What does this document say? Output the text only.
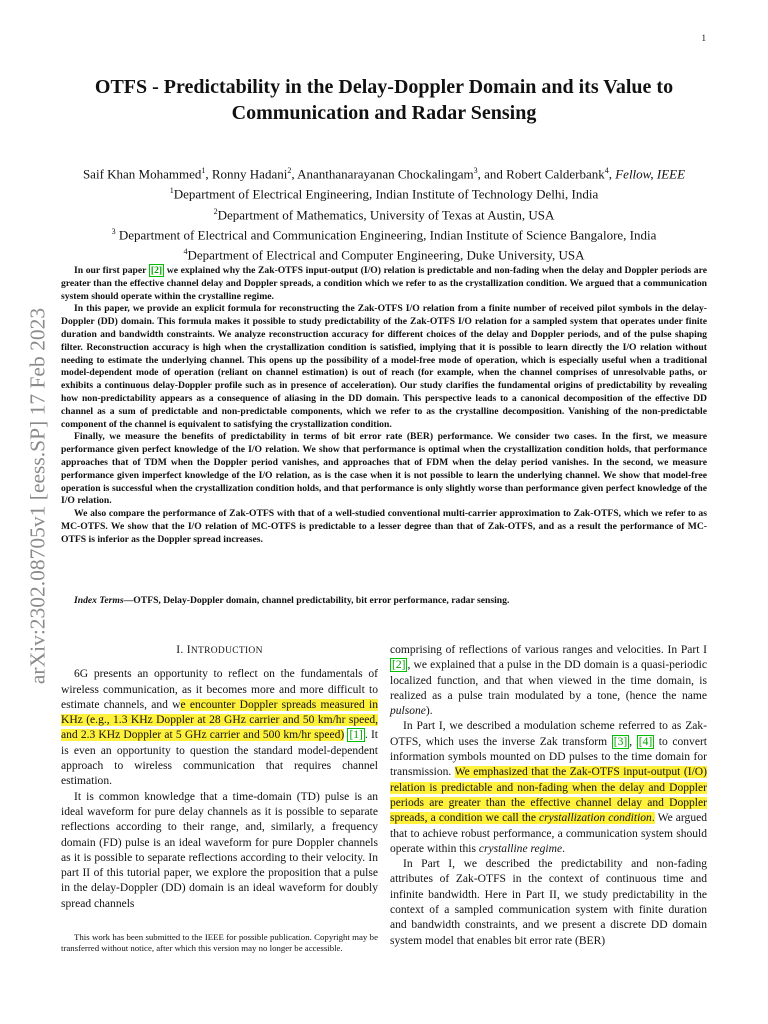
1
arXiv:2302.08705v1 [eess.SP] 17 Feb 2023
OTFS - Predictability in the Delay-Doppler Domain and its Value to
Communication and Radar Sensing
Saif Khan Mohammed$^1$, Ronny Hadani$^2$, Ananthanarayanan Chockalingam$^3$, and Robert Calderbank$^4$, Fellow, IEEE
$^1$Department of Electrical Engineering, Indian Institute of Technology Delhi, India
$^2$Department of Mathematics, University of Texas at Austin, USA
$^3$ Department of Electrical and Communication Engineering, Indian Institute of Science Bangalore, India
$^4$Department of Electrical and Computer Engineering, Duke University, USA

In our first paper [2] we explained why the Zak-OTFS input-output (I/O) relation is predictable and non-fading when the delay and Doppler periods are greater than the effective channel delay and Doppler spreads, a condition which we refer to as the crystallization condition. We argued that a communication system should operate within the crystalline regime.

In this paper, we provide an explicit formula for reconstructing the Zak-OTFS I/O relation from a finite number of received pilot symbols in the delay-Doppler (DD) domain. This formula makes it possible to study predictability of the Zak-OTFS I/O relation for a sampled system that operates under finite duration and bandwidth constraints. We analyze reconstruction accuracy for different choices of the delay and Doppler periods, and of the pulse shaping filter. Reconstruction accuracy is high when the crystallization condition is satisfied, implying that it is possible to learn directly the I/O relation without needing to estimate the underlying channel. This opens up the possibility of a model-free mode of operation, which is especially useful when a traditional model-dependent mode of operation (reliant on channel estimation) is out of reach (for example, when the channel comprises of unresolvable paths, or exhibits a continuous delay-Doppler profile such as in presence of acceleration). Our study clarifies the fundamental origins of predictability by revealing how non-predictability appears as a consequence of aliasing in the DD domain. This perspective leads to a canonical decomposition of the effective DD channel as a sum of predictable and non-predictable components, which we refer to as the crystalline decomposition. Vanishing of the non-predictable component of the channel is equivalent to satisfying the crystallization condition.

Finally, we measure the benefits of predictability in terms of bit error rate (BER) performance. We consider two cases. In the first, we measure performance given perfect knowledge of the I/O relation. We show that performance is optimal when the crystallization condition holds, that performance approaches that of TDM when the Doppler period vanishes, and approaches that of FDM when the delay period vanishes. In the second, we measure performance given imperfect knowledge of the I/O relation, as is the case when it is not possible to learn the underlying channel. We show that model-free operation is successful when the crystallization condition holds, and that performance is only slightly worse than performance given perfect knowledge of the I/O relation.

We also compare the performance of Zak-OTFS with that of a well-studied conventional multi-carrier approximation to Zak-OTFS, which we refer to as MC-OTFS. We show that the I/O relation of MC-OTFS is predictable to a lesser degree than that of Zak-OTFS, and as a result the performance of MC-OTFS is inferior as the Doppler spread increases.

Index Terms—OTFS, Delay-Doppler domain, channel predictability, bit error performance, radar sensing.
I. INTRODUCTION

6G presents an opportunity to reflect on the fundamentals of wireless communication, as it becomes more and more difficult to estimate channels, and we encounter Doppler spreads measured in KHz (e.g., 1.3 KHz Doppler at 28 GHz carrier and 50 km/hr speed, and 2.3 KHz Doppler at 5 GHz carrier and 500 km/hr speed) [1] . It is even an opportunity to question the standard model-dependent approach to wireless communication that requires channel estimation.

It is common knowledge that a time-domain (TD) pulse is an ideal waveform for pure delay channels as it is possible to separate reflections according to their range, and, similarly, a frequency domain (FD) pulse is an ideal waveform for pure Doppler channels as it is possible to separate reflections according to their velocity. In part II of this tutorial paper, we explore the proposition that a pulse in the delay-Doppler (DD) domain is an ideal waveform for doubly spread channels

This work has been submitted to the IEEE for possible publication. Copyright may be transferred without notice, after which this version may no longer be accessible.

comprising of reflections of various ranges and velocities. In Part I [2] , we explained that a pulse in the DD domain is a quasi-periodic localized function, and that when viewed in the time domain, is realized as a pulse train modulated by a tone, (hence the name pulsone).

In Part I, we described a modulation scheme referred to as Zak-OTFS, which uses the inverse Zak transform [3] , [4] to convert information symbols mounted on DD pulses to the time domain for transmission. We emphasized that the Zak-OTFS input-output (I/O) relation is predictable and non-fading when the delay and Doppler periods are greater than the effective channel delay and Doppler spreads, a condition we call the crystallization condition. We argued that to achieve robust performance, a communication system should operate within this crystalline regime.

In Part I, we described the predictability and non-fading attributes of Zak-OTFS in the context of continuous time and infinite bandwidth. Here in Part II, we study predictability in the context of a sampled communication system with finite duration and bandwidth constraints, and we present a discrete DD domain system model that enables bit error rate (BER)
